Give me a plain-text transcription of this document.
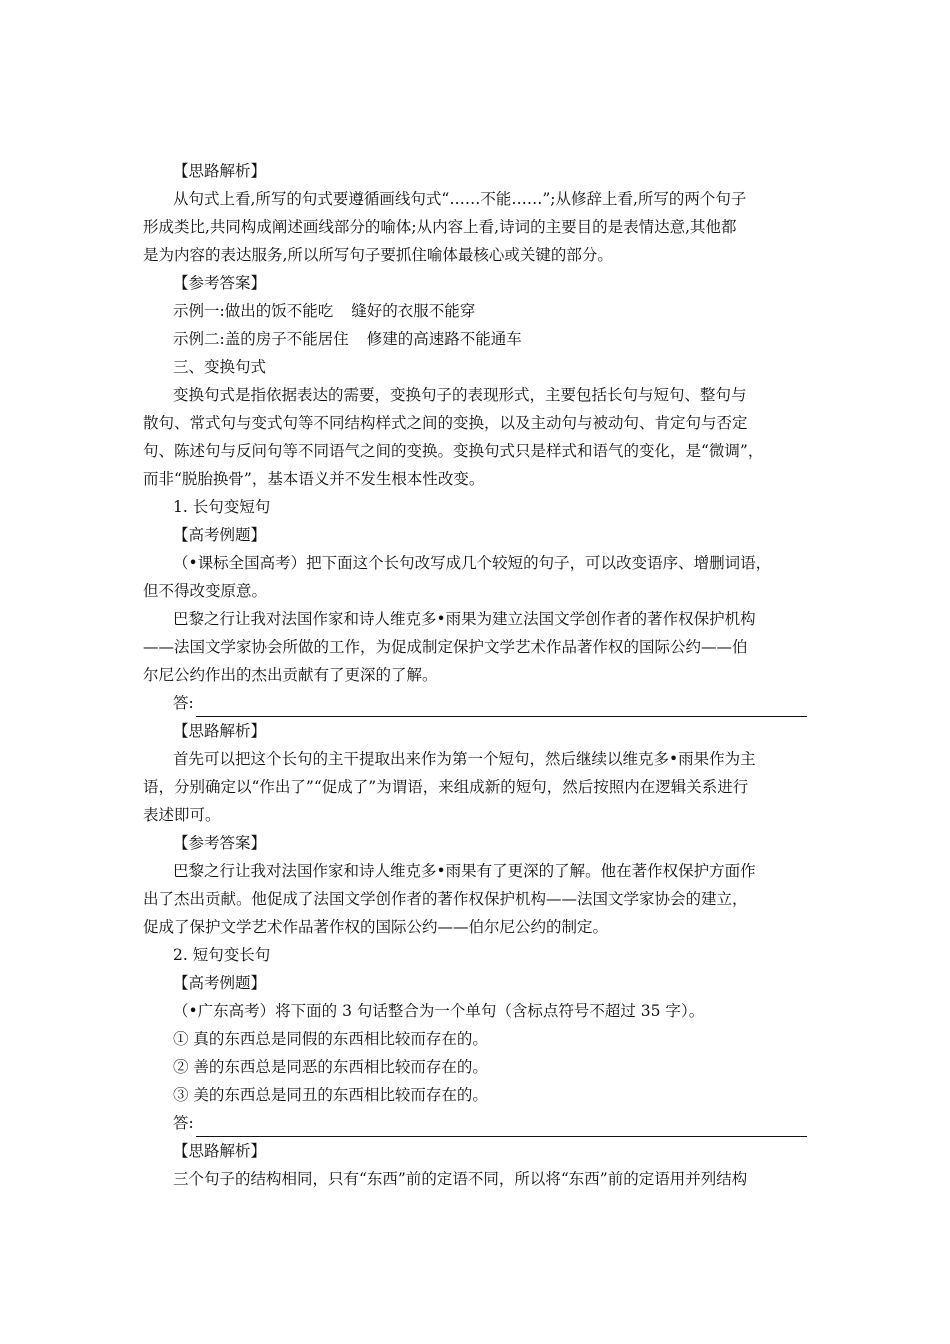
【思路解析】

从句式上看,所写的句式要遵循画线句式“……不能……”;从修辞上看,所写的两个句子

形成类比,共同构成阐述画线部分的喻体;从内容上看,诗词的主要目的是表情达意,其他都

是为内容的表达服务,所以所写句子要抓住喻体最核心或关键的部分。

【参考答案】

示例一:做出的饭不能吃 缝好的衣服不能穿

示例二:盖的房子不能居住 修建的高速路不能通车

三、变换句式

变换句式是指依据表达的需要，变换句子的表现形式，主要包括长句与短句、整句与

散句、常式句与变式句等不同结构样式之间的变换，以及主动句与被动句、肯定句与否定

句、陈述句与反问句等不同语气之间的变换。变换句式只是样式和语气的变化，是“微调”，

而非“脱胎换骨”，基本语义并不发生根本性改变。

1. 长句变短句

【高考例题】

（•课标全国高考）把下面这个长句改写成几个较短的句子，可以改变语序、增删词语，

但不得改变原意。

巴黎之行让我对法国作家和诗人维克多•雨果为建立法国文学创作者的著作权保护机构

——法国文学家协会所做的工作，为促成制定保护文学艺术作品著作权的国际公约——伯

尔尼公约作出的杰出贡献有了更深的了解。

答:

【思路解析】

首先可以把这个长句的主干提取出来作为第一个短句，然后继续以维克多•雨果作为主

语，分别确定以“作出了”“促成了”为谓语，来组成新的短句，然后按照内在逻辑关系进行

表述即可。

【参考答案】

巴黎之行让我对法国作家和诗人维克多•雨果有了更深的了解。他在著作权保护方面作

出了杰出贡献。他促成了法国文学创作者的著作权保护机构——法国文学家协会的建立，

促成了保护文学艺术作品著作权的国际公约——伯尔尼公约的制定。

2. 短句变长句

【高考例题】

（•广东高考）将下面的 3 句话整合为一个单句（含标点符号不超过 35 字）。

① 真的东西总是同假的东西相比较而存在的。

② 善的东西总是同恶的东西相比较而存在的。

③ 美的东西总是同丑的东西相比较而存在的。

答:

【思路解析】

三个句子的结构相同，只有“东西”前的定语不同，所以将“东西”前的定语用并列结构
